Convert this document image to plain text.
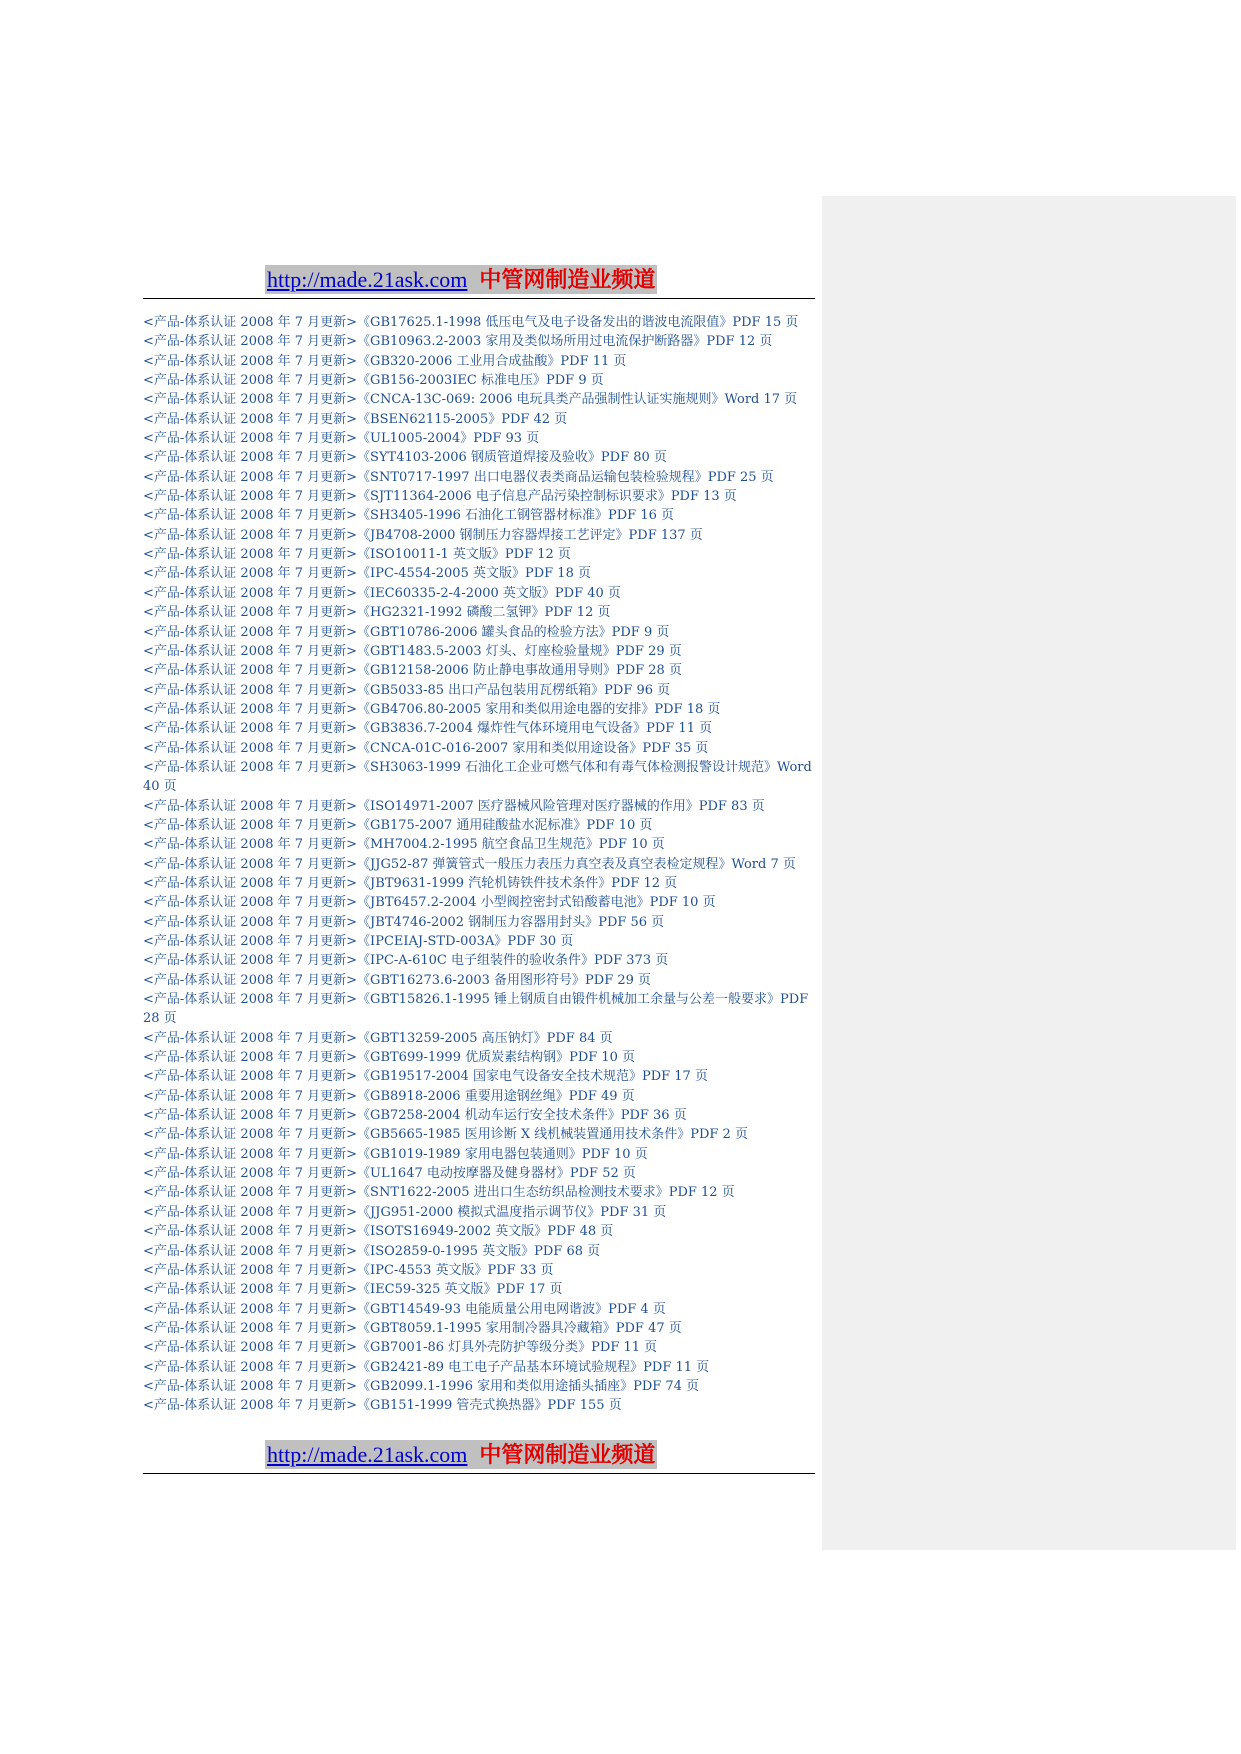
http://made.21ask.com 中管网制造业频道
<产品-体系认证 2008 年 7 月更新>《GB17625.1-1998 低压电气及电子设备发出的谐波电流限值》PDF 15 页
<产品-体系认证 2008 年 7 月更新>《GB10963.2-2003 家用及类似场所用过电流保护断路器》PDF 12 页
<产品-体系认证 2008 年 7 月更新>《GB320-2006 工业用合成盐酸》PDF 11 页
<产品-体系认证 2008 年 7 月更新>《GB156-2003IEC 标准电压》PDF 9 页
<产品-体系认证 2008 年 7 月更新>《CNCA-13C-069: 2006 电玩具类产品强制性认证实施规则》Word 17 页
<产品-体系认证 2008 年 7 月更新>《BSEN62115-2005》PDF 42 页
<产品-体系认证 2008 年 7 月更新>《UL1005-2004》PDF 93 页
<产品-体系认证 2008 年 7 月更新>《SYT4103-2006 钢质管道焊接及验收》PDF 80 页
<产品-体系认证 2008 年 7 月更新>《SNT0717-1997 出口电器仪表类商品运输包装检验规程》PDF 25 页
<产品-体系认证 2008 年 7 月更新>《SJT11364-2006 电子信息产品污染控制标识要求》PDF 13 页
<产品-体系认证 2008 年 7 月更新>《SH3405-1996 石油化工钢管器材标准》PDF 16 页
<产品-体系认证 2008 年 7 月更新>《JB4708-2000 钢制压力容器焊接工艺评定》PDF 137 页
<产品-体系认证 2008 年 7 月更新>《ISO10011-1 英文版》PDF 12 页
<产品-体系认证 2008 年 7 月更新>《IPC-4554-2005 英文版》PDF 18 页
<产品-体系认证 2008 年 7 月更新>《IEC60335-2-4-2000 英文版》PDF 40 页
<产品-体系认证 2008 年 7 月更新>《HG2321-1992 磷酸二氢钾》PDF 12 页
<产品-体系认证 2008 年 7 月更新>《GBT10786-2006 罐头食品的检验方法》PDF 9 页
<产品-体系认证 2008 年 7 月更新>《GBT1483.5-2003 灯头、灯座检验量规》PDF 29 页
<产品-体系认证 2008 年 7 月更新>《GB12158-2006 防止静电事故通用导则》PDF 28 页
<产品-体系认证 2008 年 7 月更新>《GB5033-85 出口产品包装用瓦楞纸箱》PDF 96 页
<产品-体系认证 2008 年 7 月更新>《GB4706.80-2005 家用和类似用途电器的安排》PDF 18 页
<产品-体系认证 2008 年 7 月更新>《GB3836.7-2004 爆炸性气体环境用电气设备》PDF 11 页
<产品-体系认证 2008 年 7 月更新>《CNCA-01C-016-2007 家用和类似用途设备》PDF 35 页
<产品-体系认证 2008 年 7 月更新>《SH3063-1999 石油化工企业可燃气体和有毒气体检测报警设计规范》Word 40 页
<产品-体系认证 2008 年 7 月更新>《ISO14971-2007 医疗器械风险管理对医疗器械的作用》PDF 83 页
<产品-体系认证 2008 年 7 月更新>《GB175-2007 通用硅酸盐水泥标准》PDF 10 页
<产品-体系认证 2008 年 7 月更新>《MH7004.2-1995 航空食品卫生规范》PDF 10 页
<产品-体系认证 2008 年 7 月更新>《JJG52-87 弹簧管式一般压力表压力真空表及真空表检定规程》Word 7 页
<产品-体系认证 2008 年 7 月更新>《JBT9631-1999 汽轮机铸铁件技术条件》PDF 12 页
<产品-体系认证 2008 年 7 月更新>《JBT6457.2-2004 小型阀控密封式铅酸蓄电池》PDF 10 页
<产品-体系认证 2008 年 7 月更新>《JBT4746-2002 钢制压力容器用封头》PDF 56 页
<产品-体系认证 2008 年 7 月更新>《IPCEIAJ-STD-003A》PDF 30 页
<产品-体系认证 2008 年 7 月更新>《IPC-A-610C 电子组装件的验收条件》PDF 373 页
<产品-体系认证 2008 年 7 月更新>《GBT16273.6-2003 备用图形符号》PDF 29 页
<产品-体系认证 2008 年 7 月更新>《GBT15826.1-1995 锤上钢质自由锻件机械加工余量与公差一般要求》PDF 28 页
<产品-体系认证 2008 年 7 月更新>《GBT13259-2005 高压钠灯》PDF 84 页
<产品-体系认证 2008 年 7 月更新>《GBT699-1999 优质炭素结构钢》PDF 10 页
<产品-体系认证 2008 年 7 月更新>《GB19517-2004 国家电气设备安全技术规范》PDF 17 页
<产品-体系认证 2008 年 7 月更新>《GB8918-2006 重要用途钢丝绳》PDF 49 页
<产品-体系认证 2008 年 7 月更新>《GB7258-2004 机动车运行安全技术条件》PDF 36 页
<产品-体系认证 2008 年 7 月更新>《GB5665-1985 医用诊断 X 线机械装置通用技术条件》PDF 2 页
<产品-体系认证 2008 年 7 月更新>《GB1019-1989 家用电器包装通则》PDF 10 页
<产品-体系认证 2008 年 7 月更新>《UL1647 电动按摩器及健身器材》PDF 52 页
<产品-体系认证 2008 年 7 月更新>《SNT1622-2005 进出口生态纺织品检测技术要求》PDF 12 页
<产品-体系认证 2008 年 7 月更新>《JJG951-2000 模拟式温度指示调节仪》PDF 31 页
<产品-体系认证 2008 年 7 月更新>《ISOTS16949-2002 英文版》PDF 48 页
<产品-体系认证 2008 年 7 月更新>《ISO2859-0-1995 英文版》PDF 68 页
<产品-体系认证 2008 年 7 月更新>《IPC-4553 英文版》PDF 33 页
<产品-体系认证 2008 年 7 月更新>《IEC59-325 英文版》PDF 17 页
<产品-体系认证 2008 年 7 月更新>《GBT14549-93 电能质量公用电网谐波》PDF 4 页
<产品-体系认证 2008 年 7 月更新>《GBT8059.1-1995 家用制冷器具冷藏箱》PDF 47 页
<产品-体系认证 2008 年 7 月更新>《GB7001-86 灯具外壳防护等级分类》PDF 11 页
<产品-体系认证 2008 年 7 月更新>《GB2421-89 电工电子产品基本环境试验规程》PDF 11 页
<产品-体系认证 2008 年 7 月更新>《GB2099.1-1996 家用和类似用途插头插座》PDF 74 页
<产品-体系认证 2008 年 7 月更新>《GB151-1999 管壳式换热器》PDF 155 页
http://made.21ask.com 中管网制造业频道
